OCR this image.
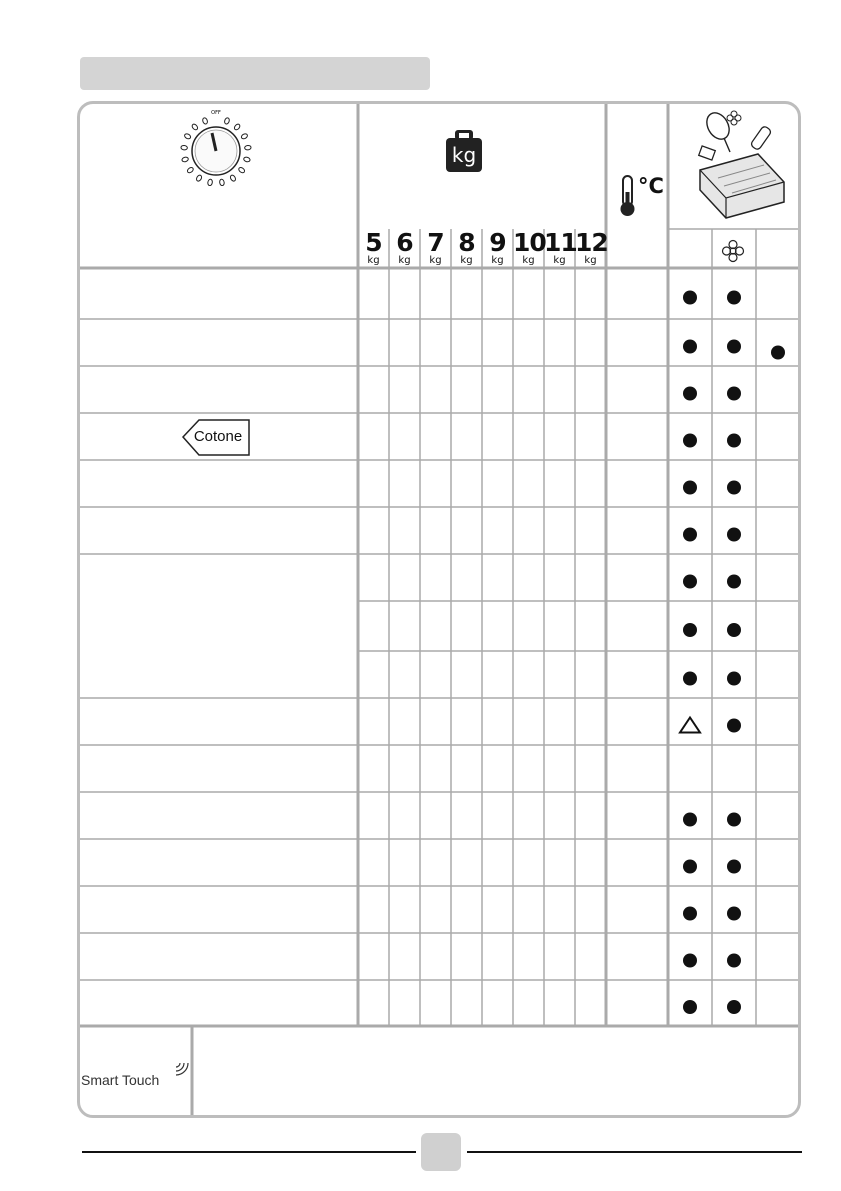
OFF
kg
°C
5
kg
6
kg
7
kg
8
kg
9
kg
10
kg
11
kg
12
kg
Cotone
Smart Touch
